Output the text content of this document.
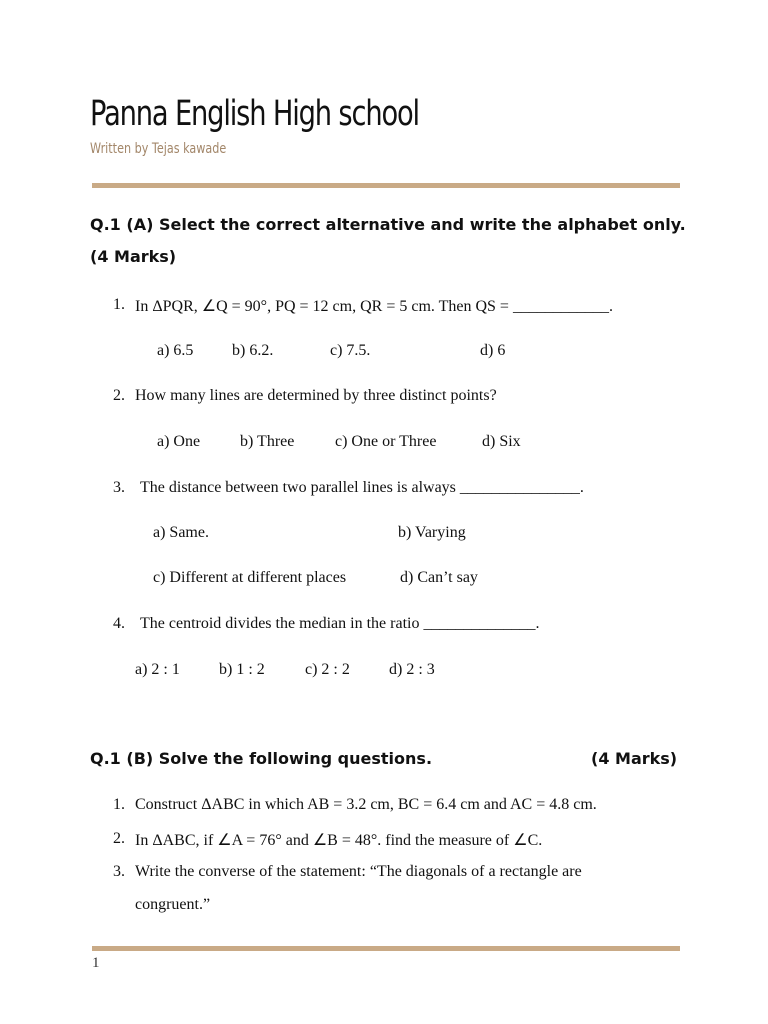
Panna English High school
Written by Tejas kawade
Q.1 (A) Select the correct alternative and write the alphabet only.
(4 Marks)
1. In ΔPQR, ∠Q = 90°, PQ = 12 cm, QR = 5 cm. Then QS = ____________.
a) 6.5 b) 6.2.	c) 7.5.	d) 6
2. How many lines are determined by three distinct points?
a) One b) Three	c) One or Three	d) Six
3. The distance between two parallel lines is always _______________.
a) Same.	b) Varying
c) Different at different places	d) Can’t say
4. The centroid divides the median in the ratio ______________.
a) 2 : 1 b) 1 : 2	c) 2 : 2 d) 2 : 3
Q.1 (B) Solve the following questions.	(4 Marks)
1. Construct ΔABC in which AB = 3.2 cm, BC = 6.4 cm and AC = 4.8 cm.
2. In ΔABC, if ∠A = 76° and ∠B = 48°. find the measure of ∠C.
3. Write the converse of the statement: “The diagonals of a rectangle are
congruent.”
1
